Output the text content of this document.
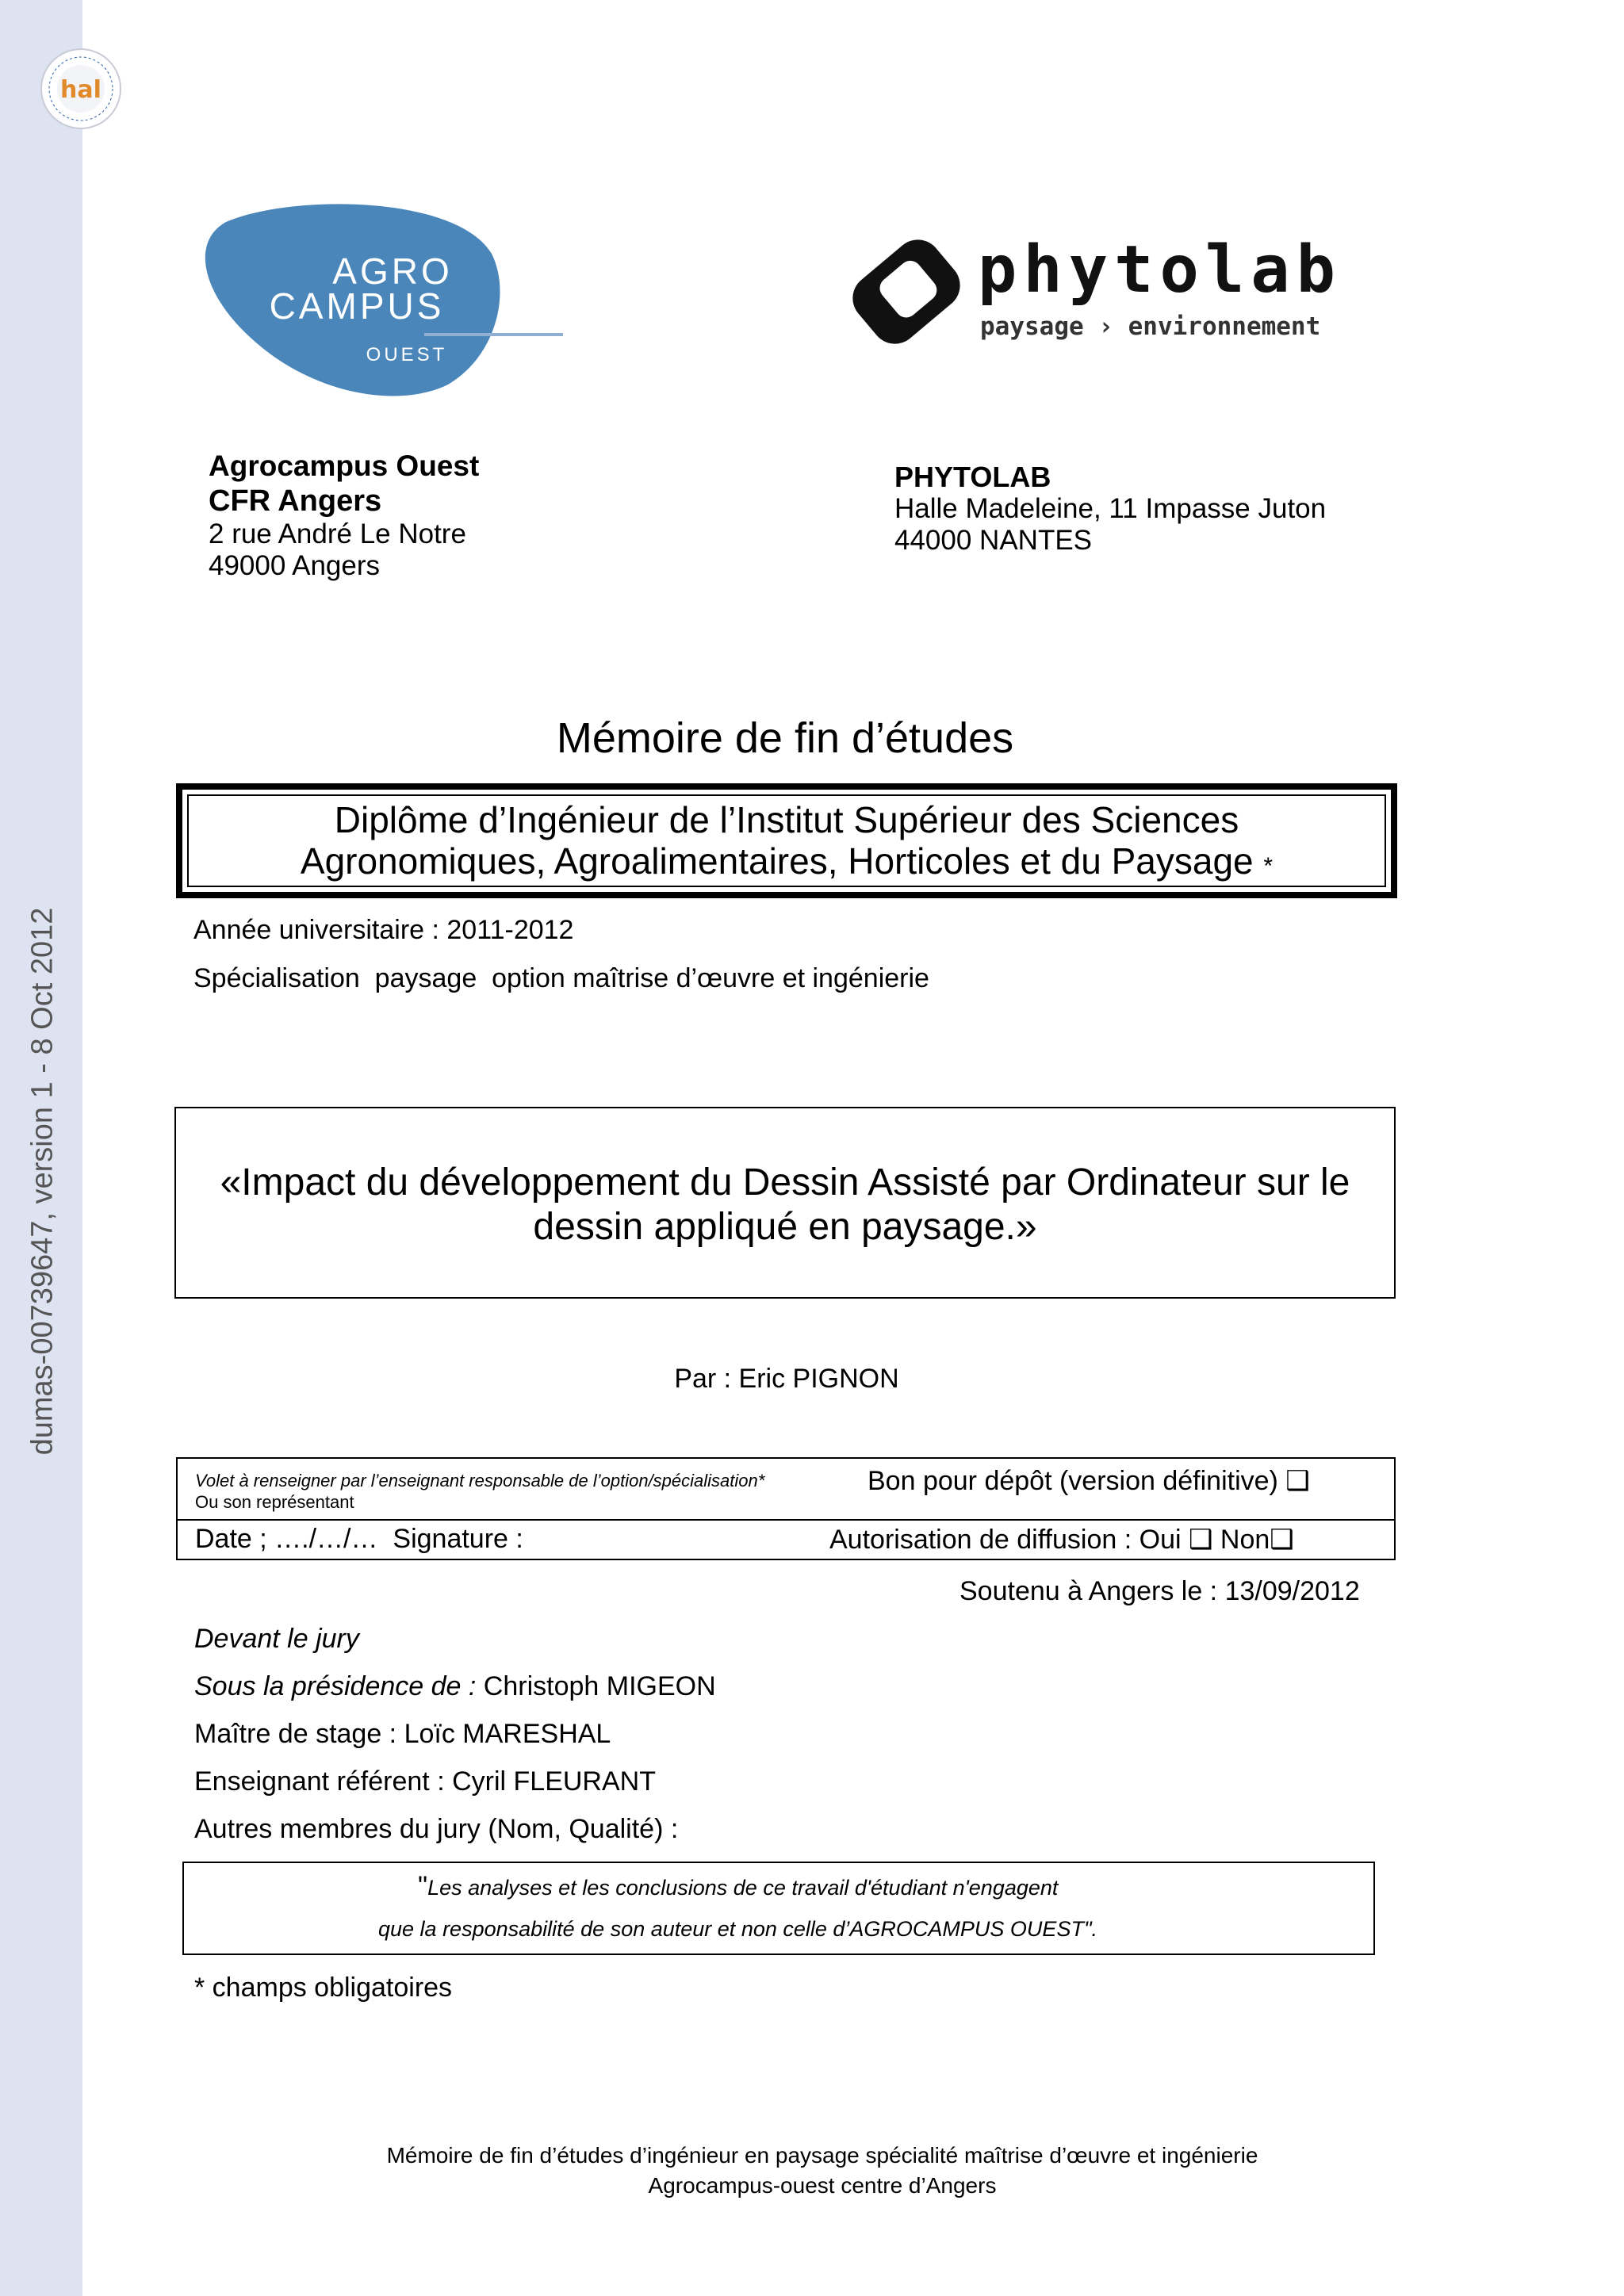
dumas-00739647, version 1 - 8 Oct 2012
hal
AGRO
CAMPUS
OUEST
phytolab
paysage › environnement
Agrocampus Ouest
CFR Angers
2 rue André Le Notre
49000 Angers
PHYTOLAB
Halle Madeleine, 11 Impasse Juton
44000 NANTES
Mémoire de fin d’études
Diplôme d’Ingénieur de l’Institut Supérieur des Sciences
Agronomiques, Agroalimentaires, Horticoles et du Paysage *
Année universitaire : 2011-2012
Spécialisation  paysage  option maîtrise d’œuvre et ingénierie
«Impact du développement du Dessin Assisté par Ordinateur sur le
dessin appliqué en paysage.»
Par : Eric PIGNON
Volet à renseigner par l’enseignant responsable de l’option/spécialisation*
Ou son représentant
Bon pour dépôt (version définitive) ❑
Date ; …./…/…  Signature :	Autorisation de diffusion : Oui ❑ Non❑
Soutenu à Angers le : 13/09/2012
Devant le jury
Sous la présidence de : Christoph MIGEON
Maître de stage : Loïc MARESHAL
Enseignant référent : Cyril FLEURANT
Autres membres du jury (Nom, Qualité) :
"Les analyses et les conclusions de ce travail d'étudiant n'engagent
que la responsabilité de son auteur et non celle d’AGROCAMPUS OUEST".
* champs obligatoires
Mémoire de fin d’études d’ingénieur en paysage spécialité maîtrise d’œuvre et ingénierie
Agrocampus-ouest centre d’Angers
